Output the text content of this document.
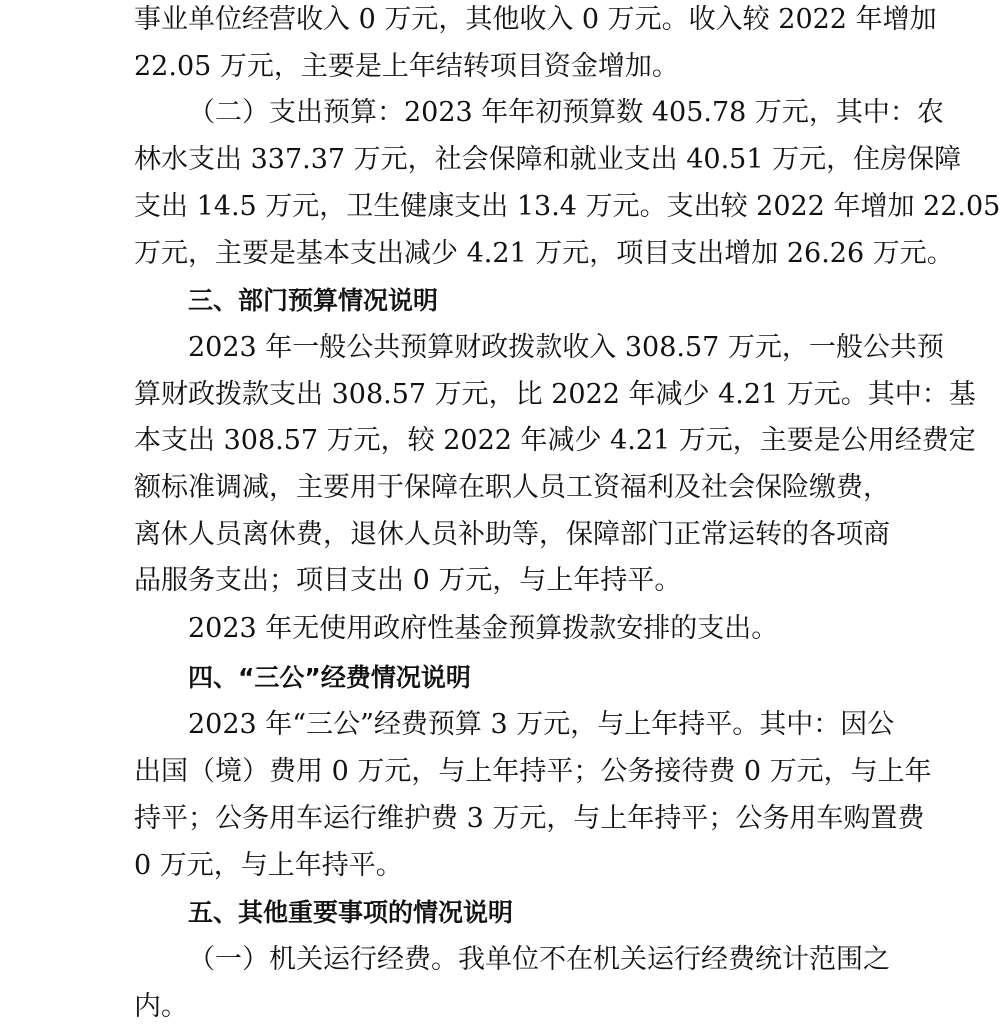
事业单位经营收入 0 万元，其他收入 0 万元。收入较 2022 年增加
22.05 万元，主要是上年结转项目资金增加。
（二）支出预算：2023 年年初预算数 405.78 万元，其中：农
林水支出 337.37 万元，社会保障和就业支出 40.51 万元，住房保障
支出 14.5 万元，卫生健康支出 13.4 万元。支出较 2022 年增加 22.05
万元，主要是基本支出减少 4.21 万元，项目支出增加 26.26 万元。
三、部门预算情况说明
2023 年一般公共预算财政拨款收入 308.57 万元，一般公共预
算财政拨款支出 308.57 万元，比 2022 年减少 4.21 万元。其中：基
本支出 308.57 万元，较 2022 年减少 4.21 万元，主要是公用经费定
额标准调减，主要用于保障在职人员工资福利及社会保险缴费，
离休人员离休费，退休人员补助等，保障部门正常运转的各项商
品服务支出；项目支出 0 万元，与上年持平。
2023 年无使用政府性基金预算拨款安排的支出。
四、“三公”经费情况说明
2023 年“三公”经费预算 3 万元，与上年持平。其中：因公
出国（境）费用 0 万元，与上年持平；公务接待费 0 万元，与上年
持平；公务用车运行维护费 3 万元，与上年持平；公务用车购置费
0 万元，与上年持平。
五、其他重要事项的情况说明
（一）机关运行经费。我单位不在机关运行经费统计范围之
内。
